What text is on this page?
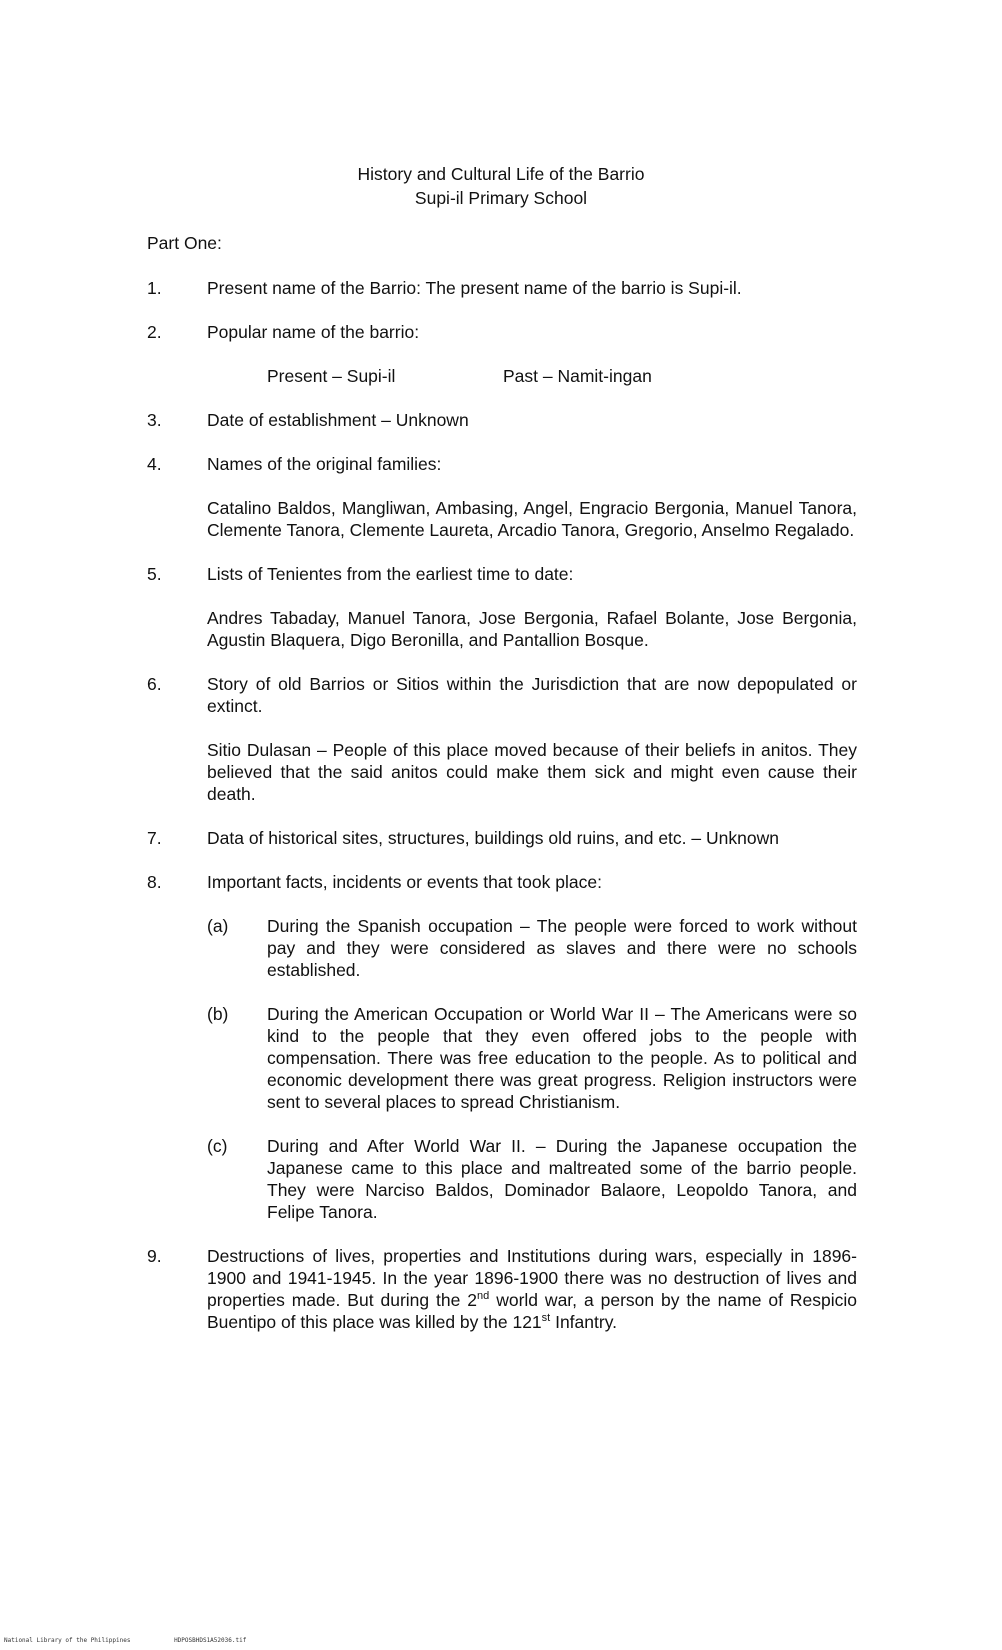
History and Cultural Life of the Barrio
Supi-il Primary School
Part One:
1.	Present name of the Barrio: The present name of the barrio is Supi-il.
2.	Popular name of the barrio:
Present – Supi-il	Past – Namit-ingan
3.	Date of establishment – Unknown
4.	Names of the original families:

Catalino Baldos, Mangliwan, Ambasing, Angel, Engracio Bergonia, Manuel Tanora, Clemente Tanora, Clemente Laureta, Arcadio Tanora, Gregorio, Anselmo Regalado.

5.	Lists of Tenientes from the earliest time to date:

Andres Tabaday, Manuel Tanora, Jose Bergonia, Rafael Bolante, Jose Bergonia, Agustin Blaquera, Digo Beronilla, and Pantallion Bosque.

6.	Story of old Barrios or Sitios within the Jurisdiction that are now depopulated or extinct.

Sitio Dulasan – People of this place moved because of their beliefs in anitos. They believed that the said anitos could make them sick and might even cause their death.

7.	Data of historical sites, structures, buildings old ruins, and etc. – Unknown
8.	Important facts, incidents or events that took place:

(a)	During the Spanish occupation – The people were forced to work without pay and they were considered as slaves and there were no schools established.
(b)	During the American Occupation or World War II – The Americans were so kind to the people that they even offered jobs to the people with compensation. There was free education to the people. As to political and economic development there was great progress. Religion instructors were sent to several places to spread Christianism.
(c)	During and After World War II. – During the Japanese occupation the Japanese came to this place and maltreated some of the barrio people. They were Narciso Baldos, Dominador Balaore, Leopoldo Tanora, and Felipe Tanora.
9.	Destructions of lives, properties and Institutions during wars, especially in 1896-1900 and 1941-1945. In the year 1896-1900 there was no destruction of lives and properties made. But during the 2nd world war, a person by the name of Respicio Buentipo of this place was killed by the 121st Infantry.
National Library of the Philippines	HDPOSBHDS1A52036.tif
